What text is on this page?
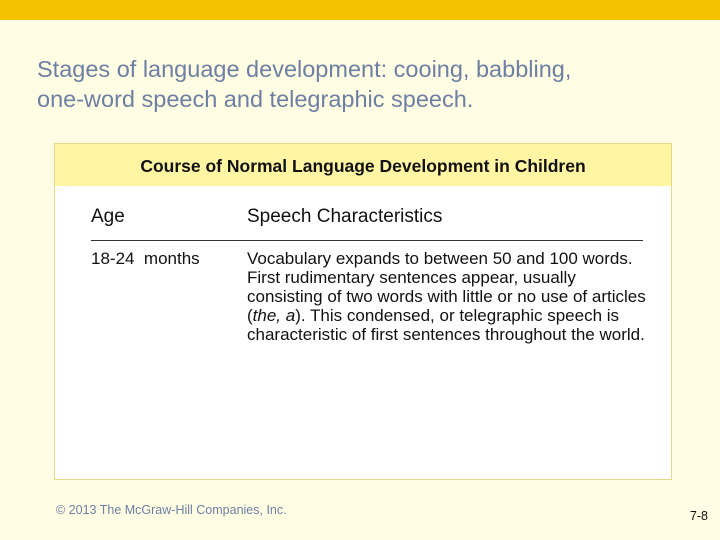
Stages of language development: cooing, babbling,
one-word speech and telegraphic speech.
Course of Normal Language Development in Children
Age	Speech Characteristics
18-24  months	Vocabulary expands to between 50 and 100 words. First rudimentary sentences appear, usually consisting of two words with little or no use of articles (the, a). This condensed, or telegraphic speech is characteristic of first sentences throughout the world.
© 2013 The McGraw-Hill Companies, Inc.	7-8
